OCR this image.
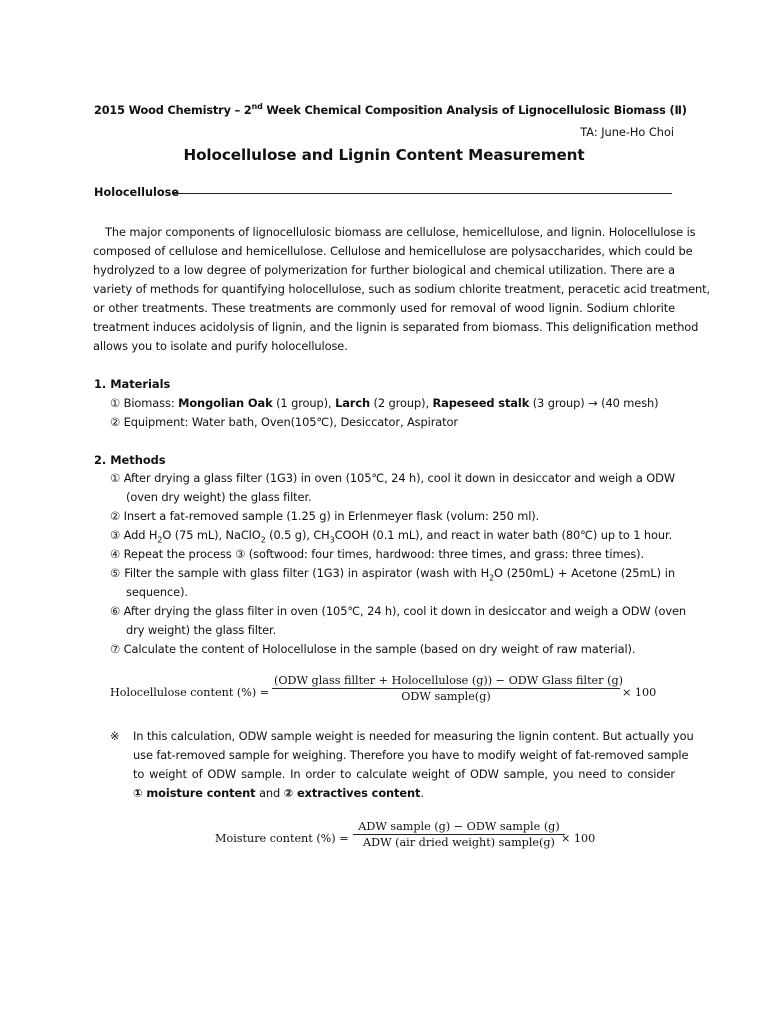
2015 Wood Chemistry – 2nd Week Chemical Composition Analysis of Lignocellulosic Biomass (Ⅱ)
TA: June-Ho Choi
Holocellulose and Lignin Content Measurement
Holocellulose
The major components of lignocellulosic biomass are cellulose, hemicellulose, and lignin. Holocellulose is
composed of cellulose and hemicellulose. Cellulose and hemicellulose are polysaccharides, which could be
hydrolyzed to a low degree of polymerization for further biological and chemical utilization. There are a
variety of methods for quantifying holocellulose, such as sodium chlorite treatment, peracetic acid treatment,
or other treatments. These treatments are commonly used for removal of wood lignin. Sodium chlorite
treatment induces acidolysis of lignin, and the lignin is separated from biomass. This delignification method
allows you to isolate and purify holocellulose.
1. Materials
① Biomass: Mongolian Oak (1 group), Larch (2 group), Rapeseed stalk (3 group) → (40 mesh)
② Equipment: Water bath, Oven(105℃), Desiccator, Aspirator
2. Methods
① After drying a glass filter (1G3) in oven (105℃, 24 h), cool it down in desiccator and weigh a ODW
(oven dry weight) the glass filter.
② Insert a fat-removed sample (1.25 g) in Erlenmeyer flask (volum: 250 ml).
③ Add $H_2O$ (75 mL), NaClO$_2$ (0.5 g), $CH_3COOH$ (0.1 mL), and react in water bath (80℃) up to 1 hour.
④ Repeat the process ③ (softwood: four times, hardwood: three times, and grass: three times).
⑤ Filter the sample with glass filter (1G3) in aspirator (wash with $H_2O$ (250mL) + Acetone (25mL) in
sequence).
⑥ After drying the glass filter in oven (105℃, 24 h), cool it down in desiccator and weigh a ODW (oven
dry weight) the glass filter.
⑦ Calculate the content of Holocellulose in the sample (based on dry weight of raw material).
Holocellulose content (%) =
(ODW glass fillter + Holocellulose (g)) − ODW Glass filter (g)
ODW sample(g)	× 100
※ In this calculation, ODW sample weight is needed for measuring the lignin content. But actually you
use fat-removed sample for weighing. Therefore you have to modify weight of fat-removed sample
to weight of ODW sample. In order to calculate weight of ODW sample, you need to consider
① moisture content and ② extractives content.
Moisture content (%) =
ADW sample (g) − ODW sample (g)
ADW (air dried weight) sample(g) × 100
